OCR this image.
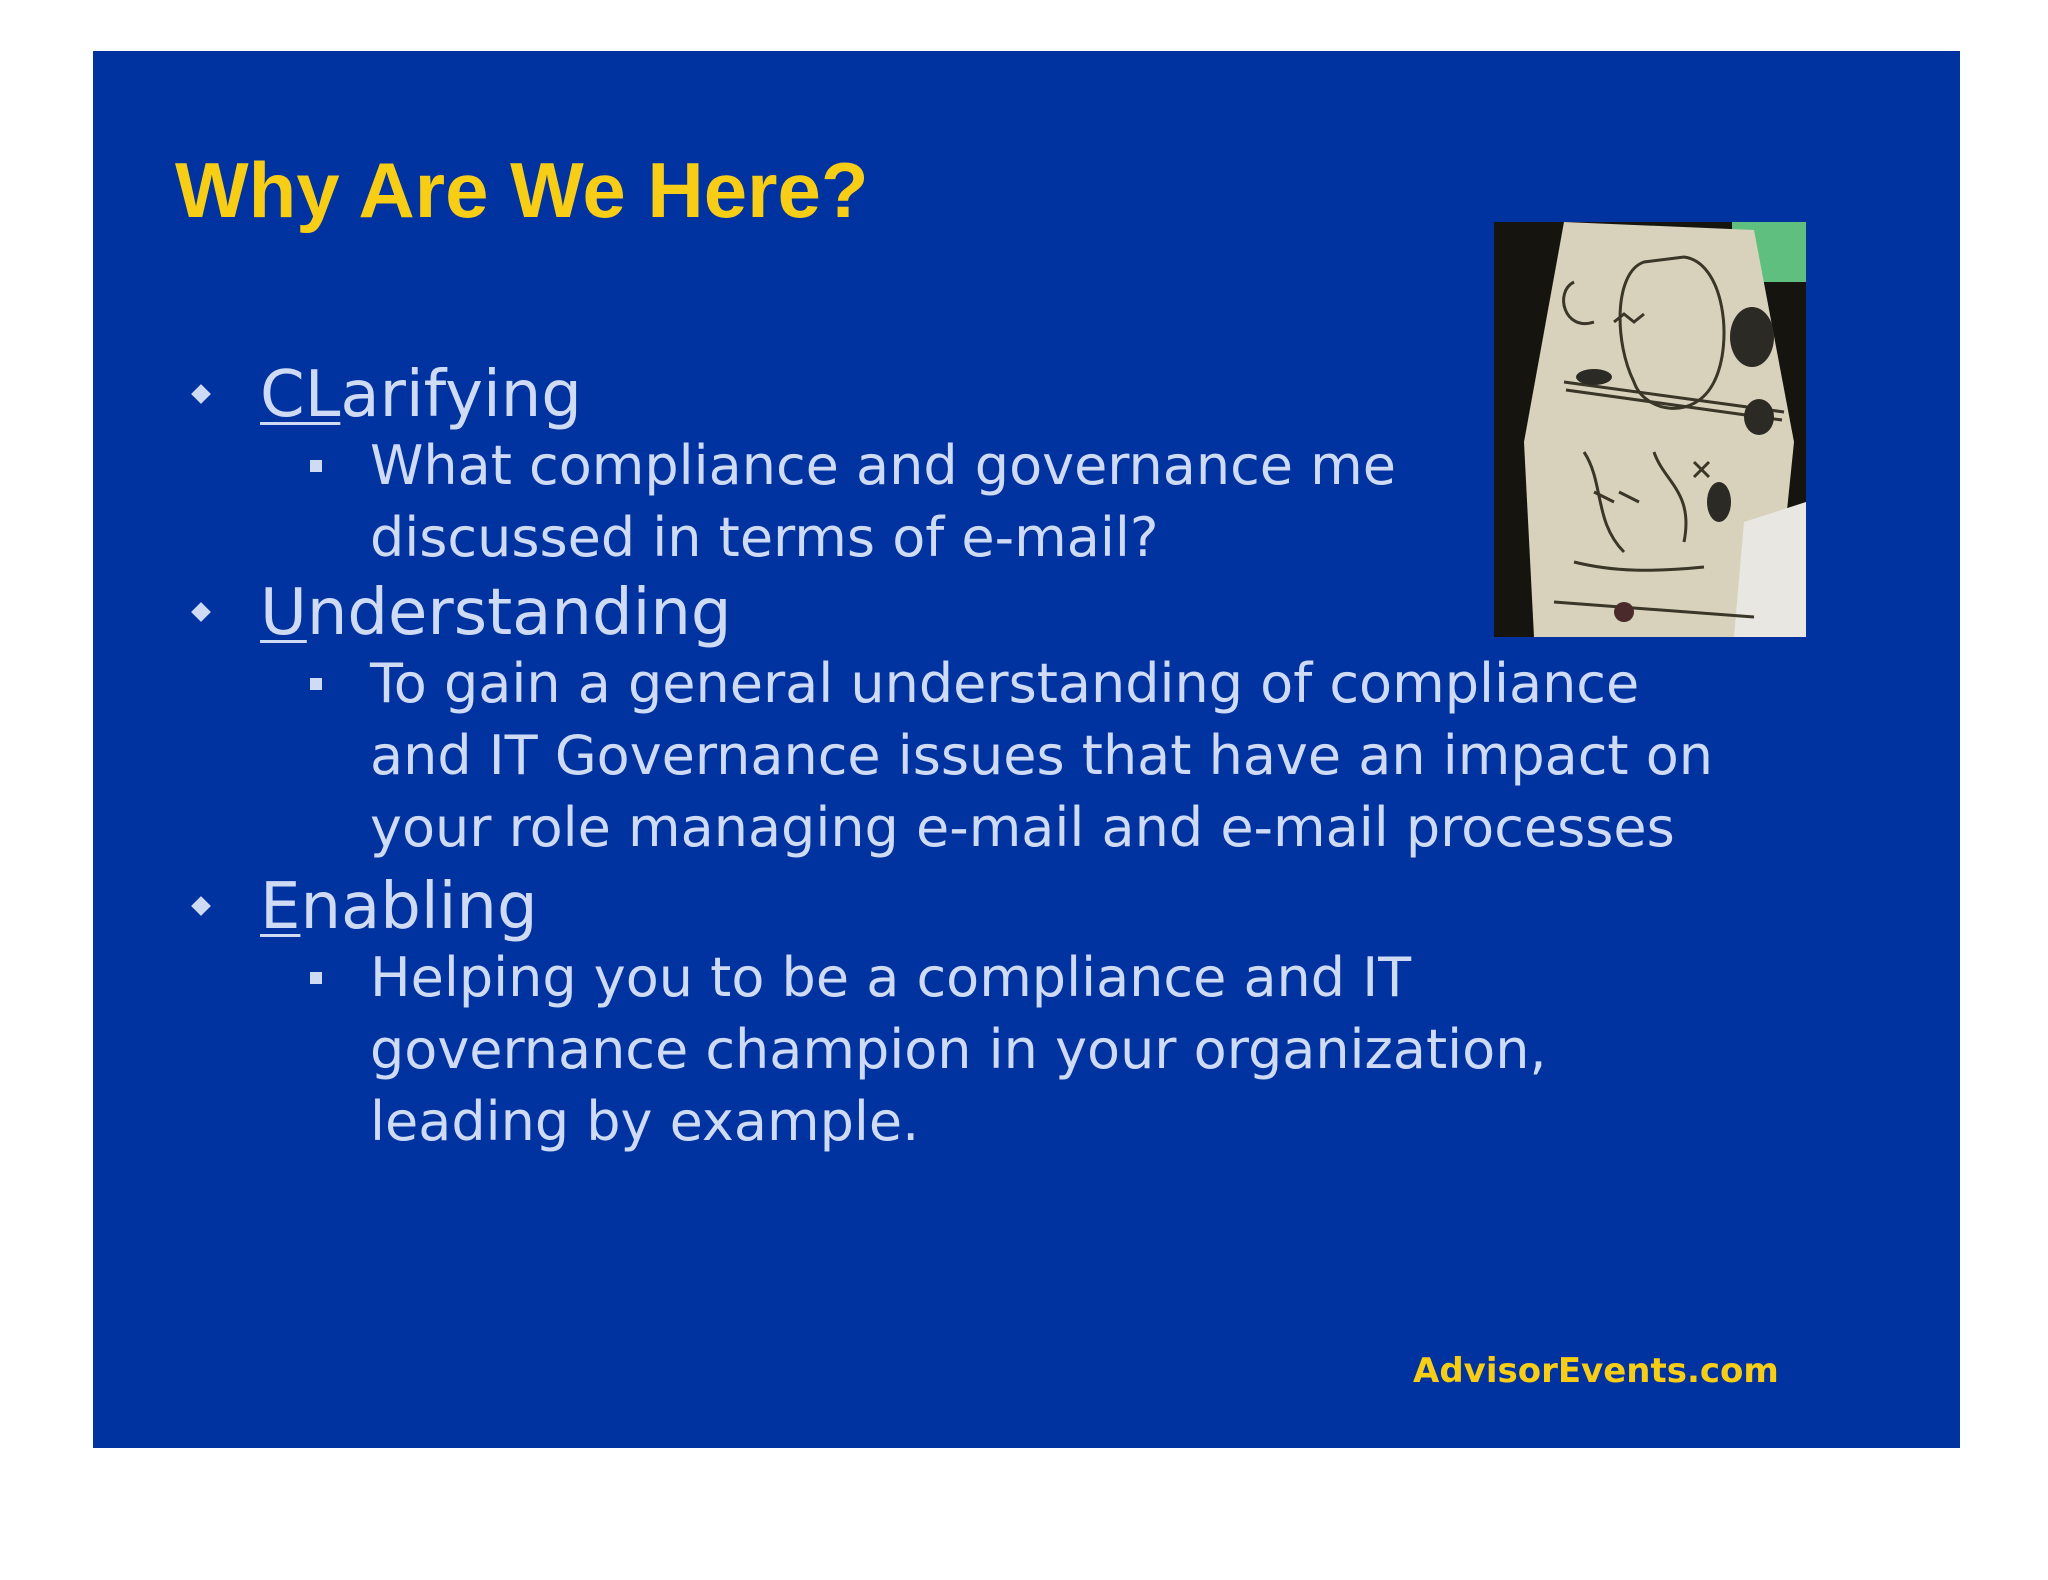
Why Are We Here?

CLarifying

What compliance and governance me

discussed in terms of e-mail?

Understanding

To gain a general understanding of compliance

and IT Governance issues that have an impact on

your role managing e-mail and e-mail processes

Enabling

Helping you to be a compliance and IT

governance champion in your organization,

leading by example.

AdvisorEvents.com
